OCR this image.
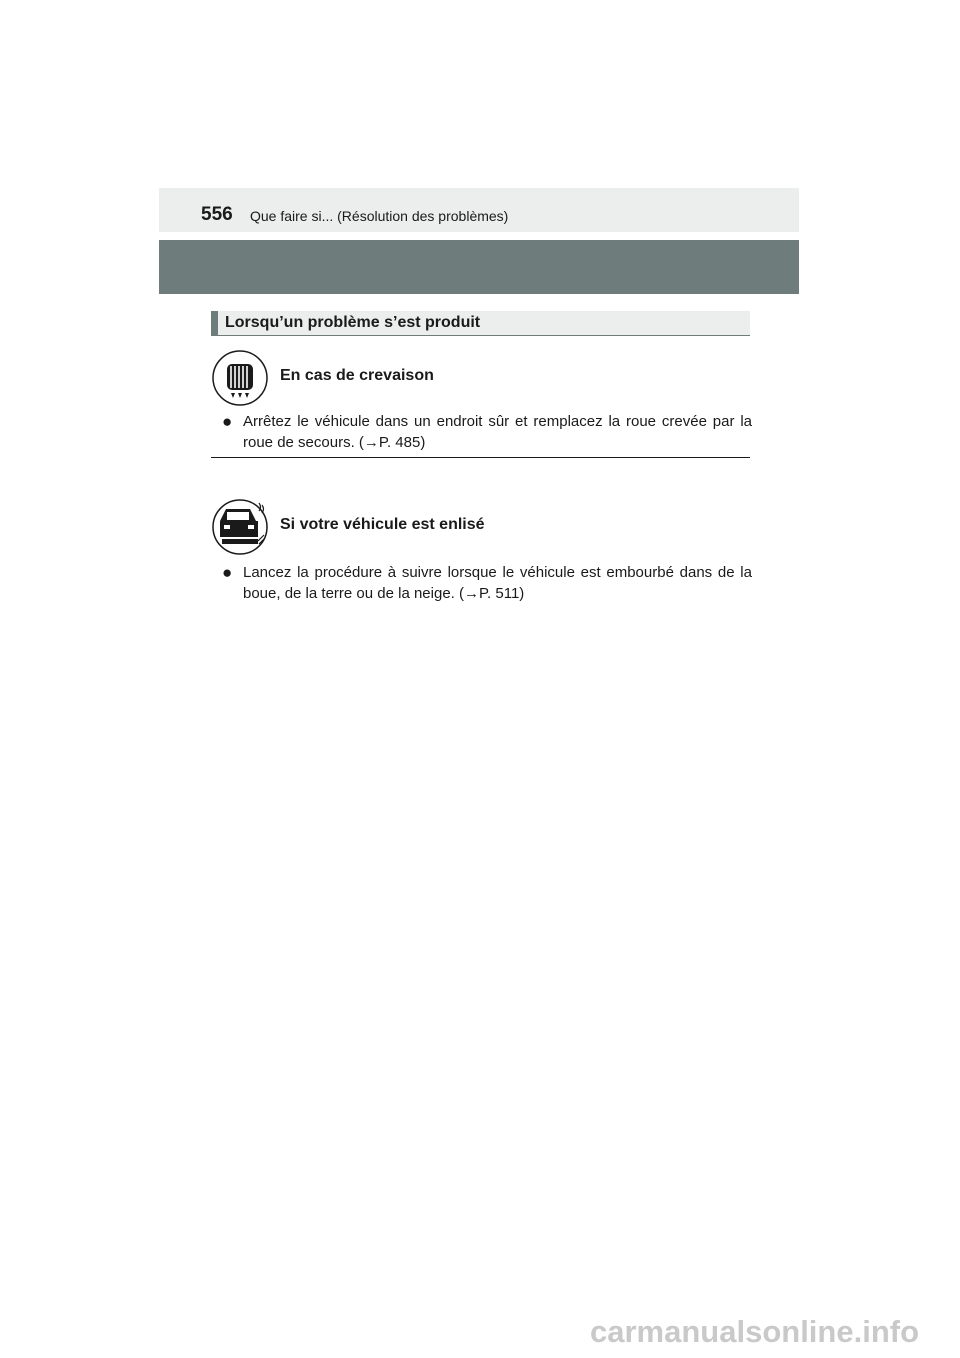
556 Que faire si... (Résolution des problèmes)
Lorsqu’un problème s’est produit
En cas de crevaison
● Arrêtez le véhicule dans un endroit sûr et remplacez la roue crevée par la roue de secours. (→P. 485)
Si votre véhicule est enlisé
● Lancez la procédure à suivre lorsque le véhicule est embourbé dans de la boue, de la terre ou de la neige. (→P. 511)
carmanualsonline.info
